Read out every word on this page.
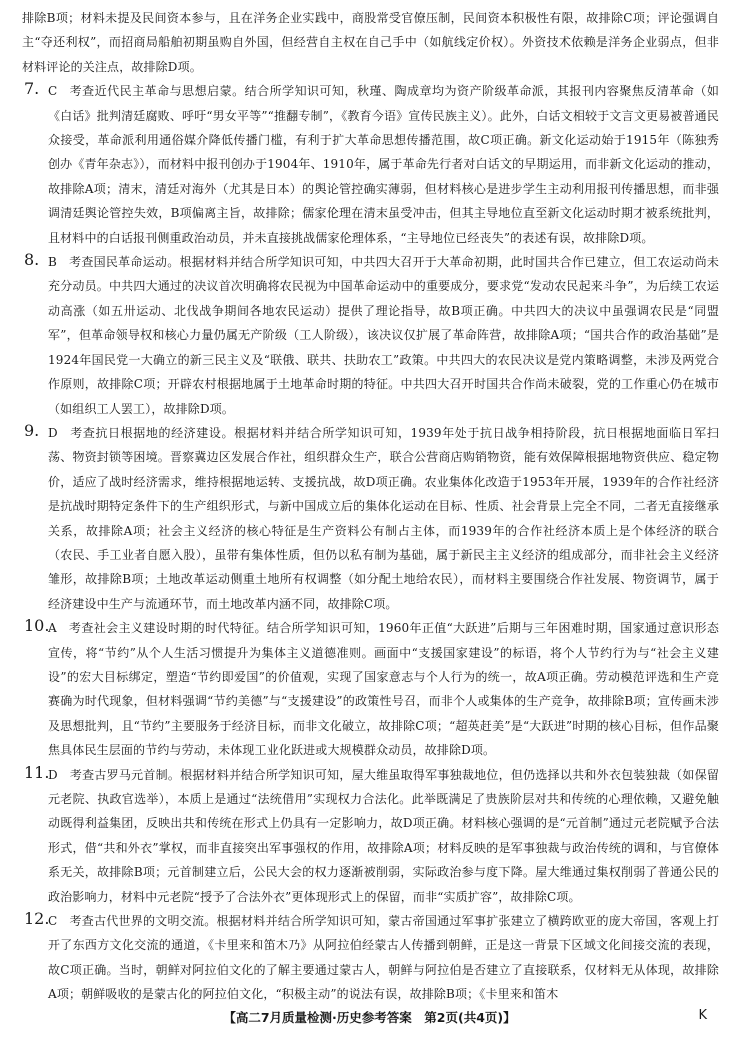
排除B项；材料未提及民间资本参与，且在洋务企业实践中，商股常受官僚压制，民间资本积极性有限，故排除C项；评论强调自主“夺还利权”，而招商局船舶初期虽购自外国，但经营自主权在自己手中（如航线定价权）。外资技术依赖是洋务企业弱点，但非材料评论的关注点，故排除D项。

7. C 考查近代民主革命与思想启蒙。结合所学知识可知，秋瑾、陶成章均为资产阶级革命派，其报刊内容聚焦反清革命（如《白话》批判清廷腐败、呼吁“男女平等”“推翻专制”，《教育今语》宣传民族主义）。此外，白话文相较于文言文更易被普通民众接受，革命派利用通俗媒介降低传播门槛，有利于扩大革命思想传播范围，故C项正确。新文化运动始于1915年（陈独秀创办《青年杂志》），而材料中报刊创办于1904年、1910年，属于革命先行者对白话文的早期运用，而非新文化运动的推动，故排除A项；清末，清廷对海外（尤其是日本）的舆论管控确实薄弱，但材料核心是进步学生主动利用报刊传播思想，而非强调清廷舆论管控失效，B项偏离主旨，故排除；儒家伦理在清末虽受冲击，但其主导地位直至新文化运动时期才被系统批判，且材料中的白话报刊侧重政治动员，并未直接挑战儒家伦理体系，“主导地位已经丧失”的表述有误，故排除D项。

8. B 考查国民革命运动。根据材料并结合所学知识可知，中共四大召开于大革命初期，此时国共合作已建立，但工农运动尚未充分动员。中共四大通过的决议首次明确将农民视为中国革命运动中的重要成分，要求党“发动农民起来斗争”，为后续工农运动高涨（如五卅运动、北伐战争期间各地农民运动）提供了理论指导，故B项正确。中共四大的决议中虽强调农民是“同盟军”，但革命领导权和核心力量仍属无产阶级（工人阶级），该决议仅扩展了革命阵营，故排除A项；“国共合作的政治基础”是1924年国民党一大确立的新三民主义及“联俄、联共、扶助农工”政策。中共四大的农民决议是党内策略调整，未涉及两党合作原则，故排除C项；开辟农村根据地属于土地革命时期的特征。中共四大召开时国共合作尚未破裂，党的工作重心仍在城市（如组织工人罢工），故排除D项。

9. D 考查抗日根据地的经济建设。根据材料并结合所学知识可知，1939年处于抗日战争相持阶段，抗日根据地面临日军扫荡、物资封锁等困境。晋察冀边区发展合作社，组织群众生产，联合公营商店购销物资，能有效保障根据地物资供应、稳定物价，适应了战时经济需求，维持根据地运转、支援抗战，故D项正确。农业集体化改造于1953年开展，1939年的合作社经济是抗战时期特定条件下的生产组织形式，与新中国成立后的集体化运动在目标、性质、社会背景上完全不同，二者无直接继承关系，故排除A项；社会主义经济的核心特征是生产资料公有制占主体，而1939年的合作社经济本质上是个体经济的联合（农民、手工业者自愿入股），虽带有集体性质，但仍以私有制为基础，属于新民主主义经济的组成部分，而非社会主义经济雏形，故排除B项；土地改革运动侧重土地所有权调整（如分配土地给农民），而材料主要围绕合作社发展、物资调节，属于经济建设中生产与流通环节，而土地改革内涵不同，故排除C项。

10.

A 考查社会主义建设时期的时代特征。结合所学知识可知，1960年正值“大跃进”后期与三年困难时期，国家通过意识形态宣传，将“节约”从个人生活习惯提升为集体主义道德准则。画面中“支援国家建设”的标语，将个人节约行为与“社会主义建设”的宏大目标绑定，塑造“节约即爱国”的价值观，实现了国家意志与个人行为的统一，故A项正确。劳动模范评选和生产竞赛确为时代现象，但材料强调“节约美德”与“支援建设”的政策性号召，而非个人或集体的生产竞争，故排除B项；宣传画未涉及思想批判，且“节约”主要服务于经济目标，而非文化破立，故排除C项；“超英赶美”是“大跃进”时期的核心目标，但作品聚焦具体民生层面的节约与劳动，未体现工业化跃进或大规模群众动员，故排除D项。

11.

D 考查古罗马元首制。根据材料并结合所学知识可知，屋大维虽取得军事独裁地位，但仍选择以共和外衣包装独裁（如保留元老院、执政官选举），本质上是通过“法统借用”实现权力合法化。此举既满足了贵族阶层对共和传统的心理依赖，又避免触动既得利益集团，反映出共和传统在形式上仍具有一定影响力，故D项正确。材料核心强调的是“元首制”通过元老院赋予合法形式，借“共和外衣”掌权，而非直接突出军事强权的作用，故排除A项；材料反映的是军事独裁与政治传统的调和，与官僚体系无关，故排除B项；元首制建立后，公民大会的权力逐渐被削弱，实际政治参与度下降。屋大维通过集权削弱了普通公民的政治影响力，材料中元老院“授予了合法外衣”更体现形式上的保留，而非“实质扩容”，故排除C项。

12.

C 考查古代世界的文明交流。根据材料并结合所学知识可知，蒙古帝国通过军事扩张建立了横跨欧亚的庞大帝国，客观上打开了东西方文化交流的通道，《卡里来和笛木乃》从阿拉伯经蒙古人传播到朝鲜，正是这一背景下区域文化间接交流的表现，故C项正确。当时，朝鲜对阿拉伯文化的了解主要通过蒙古人，朝鲜与阿拉伯是否建立了直接联系，仅材料无从体现，故排除A项；朝鲜吸收的是蒙古化的阿拉伯文化，“积极主动”的说法有误，故排除B项；《卡里来和笛木

【高二7月质量检测·历史参考答案　第2页(共4页)】	K
